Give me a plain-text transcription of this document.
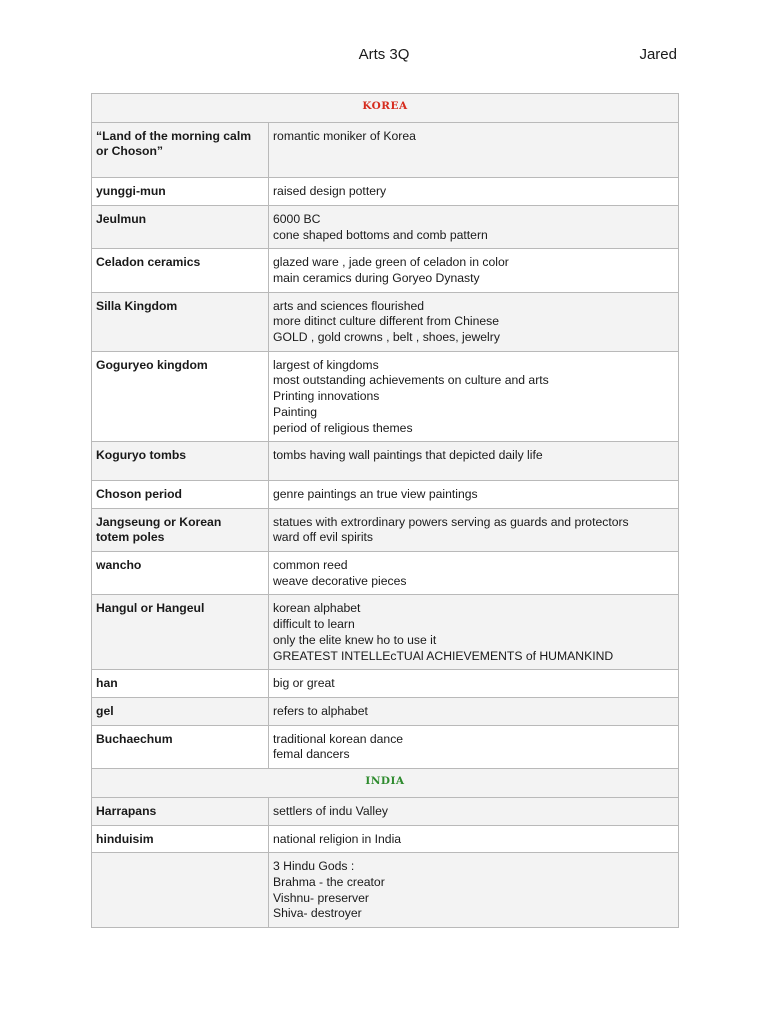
Arts 3Q	Jared
KOREA	

“Land of the morning calm
or Choson”	romantic moniker of Korea

yunggi-mun	raised design pottery

Jeulmun	6000 BC
cone shaped bottoms and comb pattern

Celadon ceramics	glazed ware , jade green of celadon in color
main ceramics during Goryeo Dynasty

Silla Kingdom	arts and sciences flourished
more ditinct culture different from Chinese
GOLD , gold crowns , belt , shoes, jewelry

Goguryeo kingdom	largest of kingdoms
most outstanding achievements on culture and arts
Printing innovations
Painting
period of religious themes

Koguryo tombs	tombs having wall paintings that depicted daily life

Choson period	genre paintings an true view paintings

Jangseung or Korean
totem poles	statues with extrordinary powers serving as guards and protectors
ward off evil spirits

wancho	common reed
weave decorative pieces

Hangul or Hangeul	korean alphabet
difficult to learn
only the elite knew ho to use it
GREATEST INTELLEcTUAl ACHIEVEMENTS of HUMANKIND

han	big or great

gel	refers to alphabet

Buchaechum	traditional korean dance
femal dancers

INDIA	

Harrapans	settlers of indu Valley

hinduisim	national religion in India

	3 Hindu Gods :
Brahma - the creator
Vishnu- preserver
Shiva- destroyer
